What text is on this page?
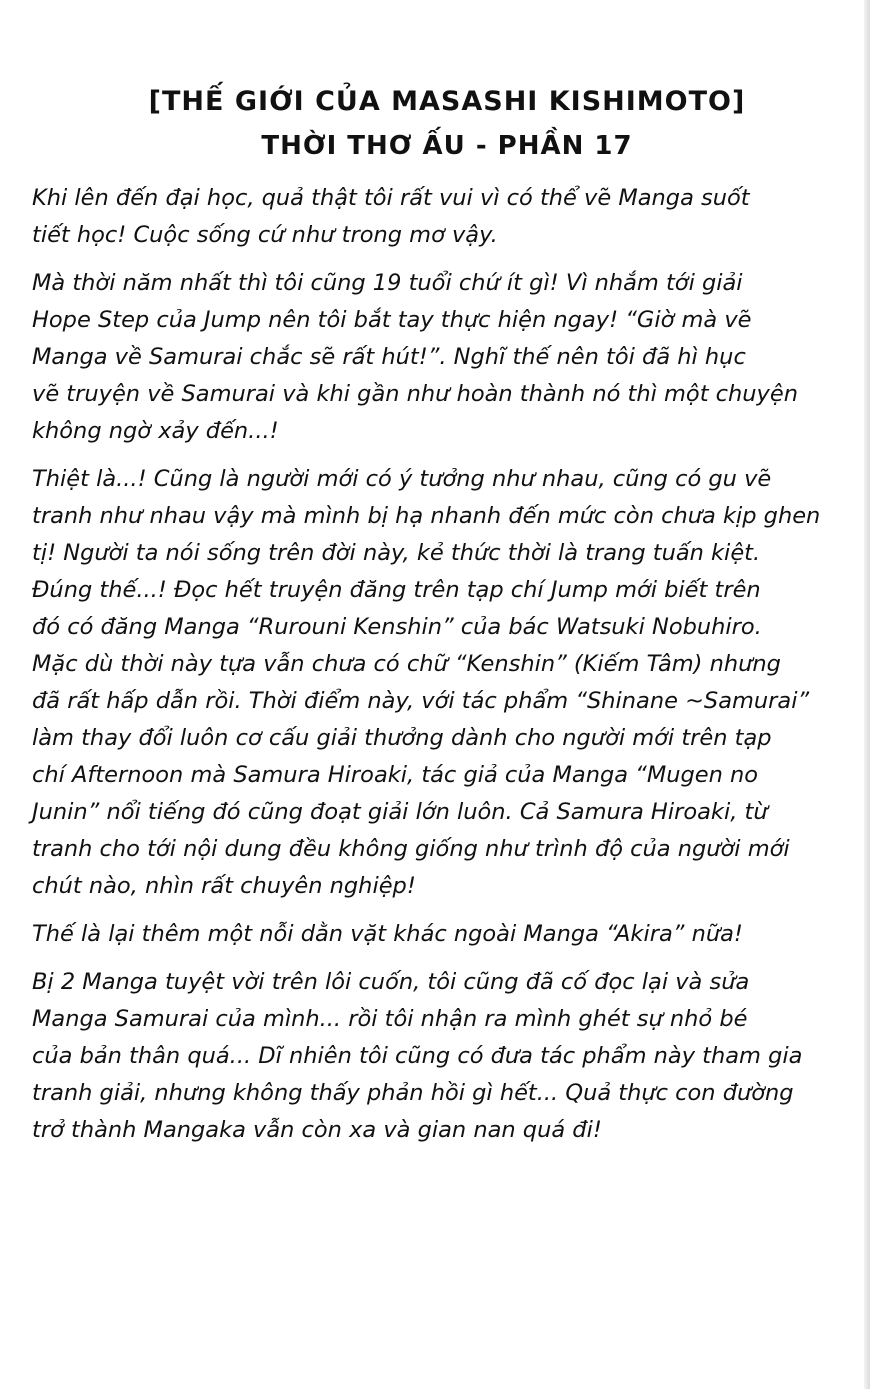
[THẾ GIỚI CỦA MASASHI KISHIMOTO]
THỜI THƠ ẤU - PHẦN 17

Khi lên đến đại học, quả thật tôi rất vui vì có thể vẽ Manga suốt
tiết học! Cuộc sống cứ như trong mơ vậy.

Mà thời năm nhất thì tôi cũng 19 tuổi chứ ít gì! Vì nhắm tới giải
Hope Step của Jump nên tôi bắt tay thực hiện ngay! “Giờ mà vẽ
Manga về Samurai chắc sẽ rất hút!”. Nghĩ thế nên tôi đã hì hục
vẽ truyện về Samurai và khi gần như hoàn thành nó thì một chuyện
không ngờ xảy đến...!

Thiệt là...! Cũng là người mới có ý tưởng như nhau, cũng có gu vẽ
tranh như nhau vậy mà mình bị hạ nhanh đến mức còn chưa kịp ghen
tị! Người ta nói sống trên đời này, kẻ thức thời là trang tuấn kiệt.
Đúng thế...! Đọc hết truyện đăng trên tạp chí Jump mới biết trên
đó có đăng Manga “Rurouni Kenshin” của bác Watsuki Nobuhiro.
Mặc dù thời này tựa vẫn chưa có chữ “Kenshin” (Kiếm Tâm) nhưng
đã rất hấp dẫn rồi. Thời điểm này, với tác phẩm “Shinane ~Samurai”
làm thay đổi luôn cơ cấu giải thưởng dành cho người mới trên tạp
chí Afternoon mà Samura Hiroaki, tác giả của Manga “Mugen no
Junin” nổi tiếng đó cũng đoạt giải lớn luôn. Cả Samura Hiroaki, từ
tranh cho tới nội dung đều không giống như trình độ của người mới
chút nào, nhìn rất chuyên nghiệp!

Thế là lại thêm một nỗi dằn vặt khác ngoài Manga “Akira” nữa!

Bị 2 Manga tuyệt vời trên lôi cuốn, tôi cũng đã cố đọc lại và sửa
Manga Samurai của mình... rồi tôi nhận ra mình ghét sự nhỏ bé
của bản thân quá... Dĩ nhiên tôi cũng có đưa tác phẩm này tham gia
tranh giải, nhưng không thấy phản hồi gì hết... Quả thực con đường
trở thành Mangaka vẫn còn xa và gian nan quá đi!
